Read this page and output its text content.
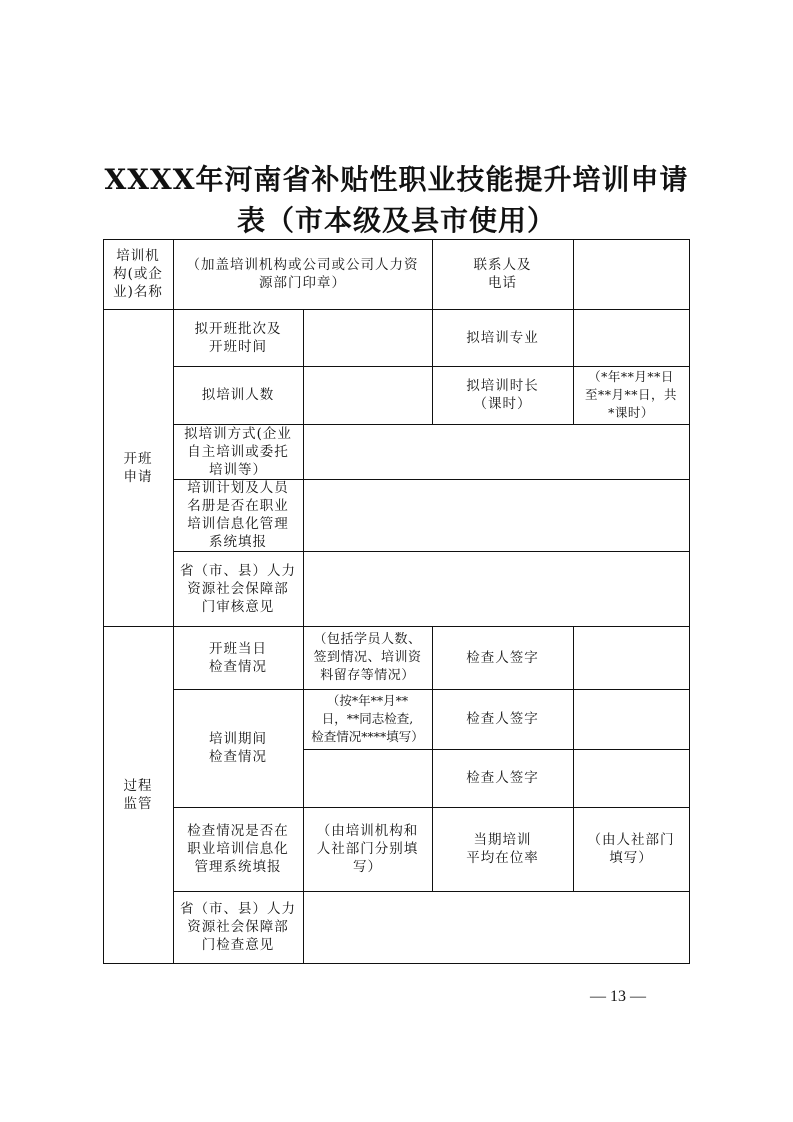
XXXX年河南省补贴性职业技能提升培训申请
表（市本级及县市使用）
培训机
构(或企
业)名称
（加盖培训机构或公司或公司人力资
源部门印章）
联系人及
电话
开班
申请
拟开班批次及
开班时间
拟培训专业
拟培训人数
拟培训时长
（课时）
（*年**月**日
至**月**日，共
*课时）
拟培训方式(企业
自主培训或委托
培训等）
培训计划及人员
名册是否在职业
培训信息化管理
系统填报
省（市、县）人力
资源社会保障部
门审核意见
过程
监管
开班当日
检查情况
（包括学员人数、
签到情况、培训资
料留存等情况）
检查人签字
培训期间
检查情况
（按*年**月**
日，**同志检查,
检查情况****填写）
检查人签字
检查人签字
检查情况是否在
职业培训信息化
管理系统填报
（由培训机构和
人社部门分别填
写）
当期培训
平均在位率
（由人社部门
填写）
省（市、县）人力
资源社会保障部
门检查意见
— 13 —
